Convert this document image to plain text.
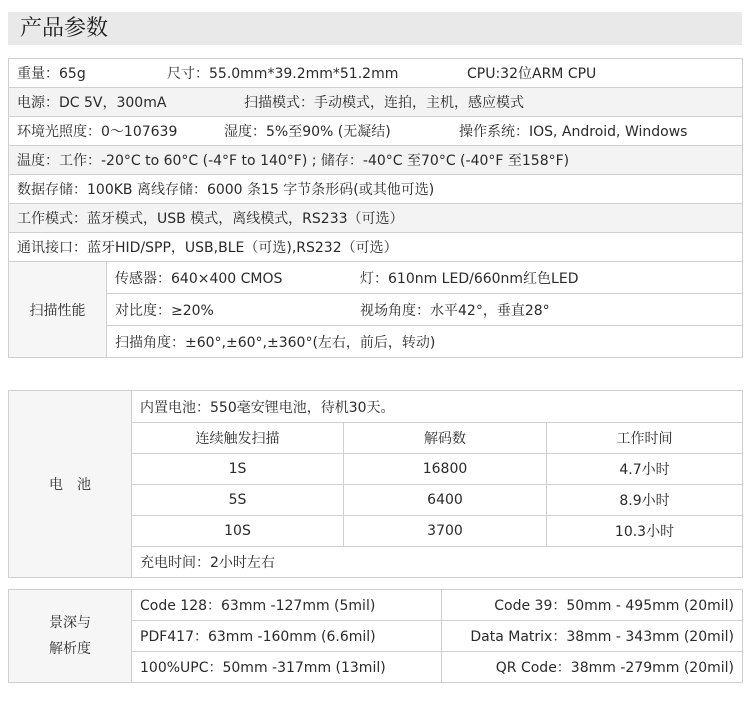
产品参数
重量：65g	尺寸：55.0mm*39.2mm*51.2mm	CPU:32位ARM CPU

电源：DC 5V，300mA	扫描模式：手动模式，连拍，主机，感应模式

环境光照度：0～107639	湿度：5%至90% (无凝结)	操作系统：IOS, Android, Windows

温度：工作：-20°C to 60°C (-4°F to 140°F) ; 储存：-40°C 至70°C (-40°F 至158°F)
数据存储：100KB 离线存储：6000 条15 字节条形码(或其他可选)
工作模式：蓝牙模式，USB 模式，离线模式，RS233（可选）
通讯接口：蓝牙HID/SPP，USB,BLE（可选),RS232（可选）
扫描性能	
传感器：640×400 CMOS	灯：610nm LED/660nm红色LED

对比度：≥20%	视场角度：水平42°，垂直28°

扫描角度：±60°,±60°,±360°(左右，前后，转动)
电　池	内置电池：550毫安锂电池，待机30天。		
	连续触发扫描	解码数	工作时间
	1S	16800	4.7小时
	5S	6400	8.9小时
	10S	3700	10.3小时
	充电时间：2小时左右		
景深与
解析度	Code 128：63mm -127mm (5mil)	Code 39：50mm - 495mm (20mil)
	PDF417：63mm -160mm (6.6mil)	Data Matrix：38mm - 343mm (20mil)
	100%UPC：50mm -317mm (13mil)	QR Code：38mm -279mm (20mil)
